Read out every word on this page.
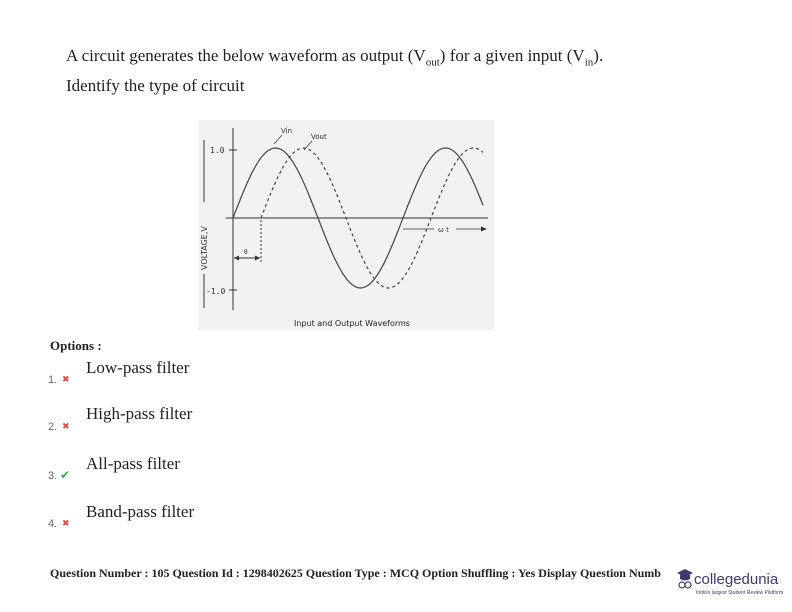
A circuit generates the below waveform as output $(V_{out})$ for a given input $(V_{in})$.
Identify the type of circuit
1.0
-1.0
VOLTAGE,V	θ
Vin
Vout
ω t
Input and Output Waveforms
Options :
1. ✖
Low-pass filter
2. ✖
High-pass filter
3. ✔
All-pass filter
4. ✖
Band-pass filter
Question Number : 105 Question Id : 1298402625 Question Type : MCQ Option Shuffling : Yes Display Question Numb	collegedunia
India's largest Student Review Platform
